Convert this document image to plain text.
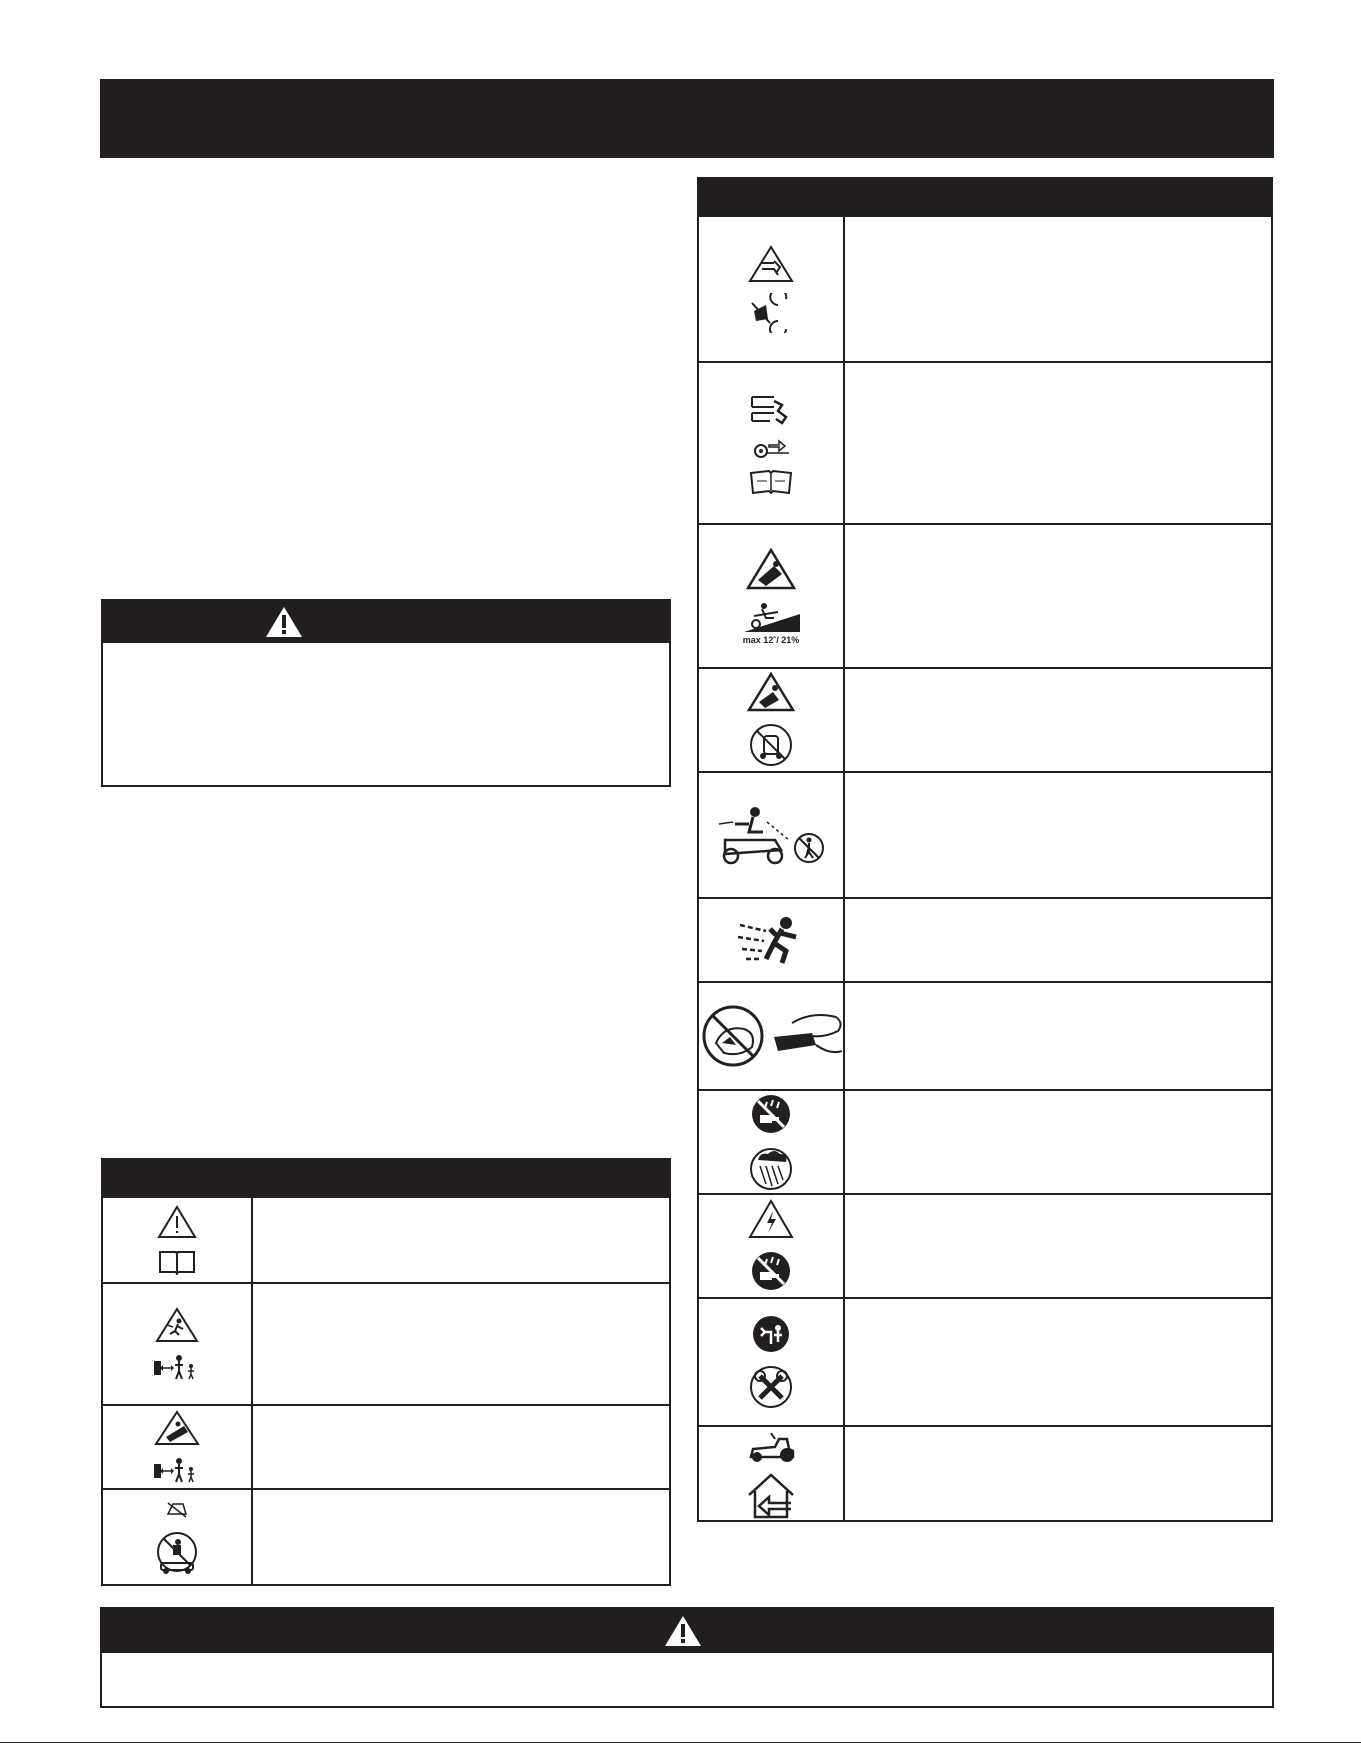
max 12˚/ 21%
